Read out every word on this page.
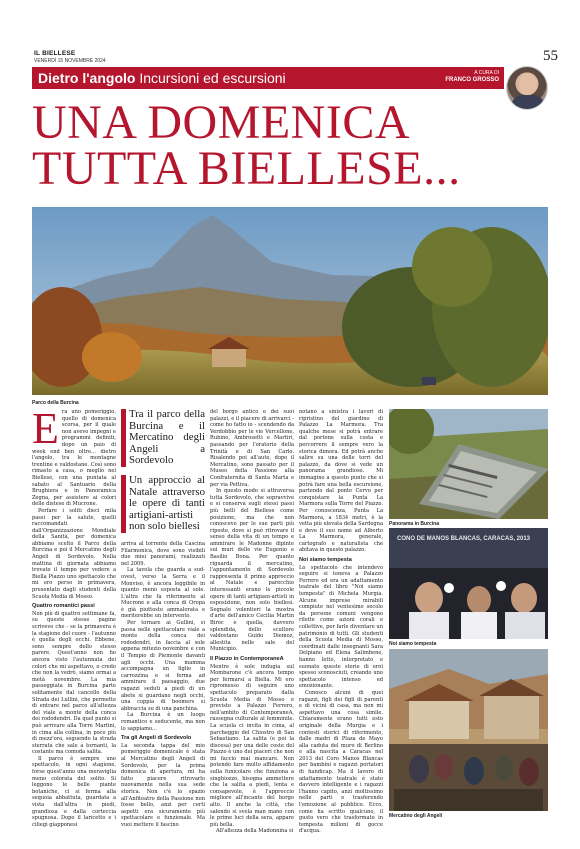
IL BIELLESE
VENERDÌ 15 NOVEMBRE 2024	55
Dietro l'angolo Incursioni ed escursioni	A CURA DI
FRANCO GROSSO
UNA DOMENICA
TUTTA BIELLESE...
Parco della Burcina
E ra uno pomeriggio, quello di domenica scorsa, per il quale non avevo impegni e programmi definiti, dopo un paio di week end ben oltre... dietro l'angolo, tra le montagne trentine e valdostane. Così sono rimasto a casa, o meglio nel Biellese, con una puntata al sabato al Santuario della Brughiera e in Panoramica Zegna, per assistere ai colori delle distese di Mucrone.

Perfare i soliti dieci mila passi per la salute, quelli raccomandati dall'Organizzazione Mondiale della Sanità, per domenica abbiamo scelto il Parco della Burcina e poi il Mercatino degli Angeli di Sordevolo. Nella mattina di giornata abbiamo trovato il tempo per vedere a Biella Piazzo uno spettacolo che mi ero perso in primavera, presentato dagli studenti della Scuola Media di Mosso.

Quattro romantici passi

Non più di quattro settimane fa, su queste stesse pagine scrivevo che - se la primavera è la stagione del cuore - l'autunno è quella degli occhi. Ebbene, sono sempre dello stesso parere. Quest'anno non ho ancora visto l'autunnata dei colori che mi aspettavo, o credo che non la vedrò, siamo ormai a metà novembre. La mia passeggiata in Burcina parte solitamente dal cancello della Strada dei Lullini, che permette di entrare nel parco all'altezza del viale a monte della conca dei rododendri. Da quel punto si può arrivare alla Torre Martini, in cima alla collina, in poco più di mezz'ora, seguendo la strada sterrata che sale a tornanti, la costante ma comoda salita.

Il parco è sempre uno spettacolo, in ogni stagione, forse quest'anno una meraviglia meno colorata del solito. Si leggono le belle piante botaniche, ci si ferma alla sequoia abbattuta, guardata a vista dall'altra in piedi, grandiosa e dalla corteccia spugnosa. Dopo il laricetto e i ciliegi giapponesi

Tra il parco della Burcina e il Mercatino degli Angeli a Sordevolo
Un approccio al Natale attraverso le opere di tanti artigiani-artisti non solo biellesi

arriva al torrente della Cascina Filarmonica, dove sono visibili due miei panorami, realizzati nel 2009.

La tavola che guarda a sud-ovest, verso la Serra e il Monviso, è ancora leggibile in quanto meno esposta al sole. L'altra che fa riferimento al Mucrone e alla conca di Oropa è già piuttosto ammalorata e meriterebbe un intervento.

Per tornare ai Gullini, si passa nelle spettacolare viale a monte della conca dei rododendri, in faccia al sole appena mitezio novembre e con il Tempio di Piemonte davanti agli occhi. Una mamma accompagna un figlio in carrozzina e si ferma ad ammirare il paesaggio, due ragazzi seduti a piedi di un abete si guardano negli occhi, una coppia di boomers si abbraccia su di una panchina.

La Burcina è un luogo romantico e seducente, ma non lo sappiamo...

Tra gli Angeli di Sordevolo

La seconda tappa del mio pomeriggio domenicale è stata al Mercatino degli Angeli di Sordevolo, per la prima domenica di apertura, mi ha fatto piacere ritrovarlo nuovamente nella sua sede storica. Non c'è lo spazio all'Anfiteatro della Passione non fosse bello, anzi per certi aspetti era sicuramente più spettacolare e funzionale. Ma vuoi mettere il fascino

del borgo antico e dei suoi palazzi, e il piacere di arrivarci - come ho fatto io - scendendo da Verdobbio per le vie Vercellone, Rubino, Ambrosetti e Martiri, passando per l'oratorio della Trinità e di San Carlo. Risalendo poi all'auto, dopo il Mercatino, sono passato per il Museo della Passione alla Confraternita di Santa Marta e per via Pettiva.

In questo modo si attraversa tutta Sordevolo, che sopravvive e si conserva sugli stessi passi più belli del Biellese come posizione, ma che non conoscevo per le sue parti più riposte, dove si può ritrovare il senso della vita di un tempo e ammirare le Madonne dipinte sui muri delle vie Eugenio e Basilio Bona. Per quanto riguarda il mercatino, l'appuntamento di Sordevolo rappresenta il primo approccio al Natale e parecchio interessanti erano le piccole opere di tanti artigiani-artisti in esposizione, non solo biellesi. Segnalo volentieri la mostra d'arte dell'amico Cecilia Martin Biroc e quella, davvero splendida, dello scultore valdostano Guido Diemoz, allestita nelle sale del Municipio.

Il Piazzo in ContemporaneA

Mentre è sole indugia sul Mombarone c'è ancora tempo per fermarsi a Biella. Mi ero ripromesso di seguire uno spettacolo preparato dalla Scuola Media di Mosso e previsto a Palazzo Ferrero, nell'ambito di ContemporaneA, rassegna culturale al femminile. La scuola ci invita in cima, al parcheggio del Chiostro di San Sebastiano. La salita (e poi la discesa) per una delle coste del Piazzo è uno dei piaceri che non mi faccio mai mancare. Non potendo fare molto affidamento sulla funicolare che funziona a singhiozzo, bisogna ammettere che la salita a piedi, lenta e consapevole, è l'approccio migliore all'incanto del borgo alto. Il anche la città, che salendo si svela man mano con le prime luci della sera, appare più bella.

All'altezza della Madonnina si

notano a sinistra i lavori di ripristino del giardino di Palazzo La Marmora. Tra qualche mese si potrà entrare dal portone sulla costa e percorrere il sempre vero la storica dimora. Ed potrà anche salire su una delle torri del palazzo, da dove si vede un panorama grandioso. Mi immagino a questo punto che si potrà fare una bella escursione, partendo dal ponte Cervo per conquistare la Punta La Marmora sulla Torre del Piazzo. Per conoscenza, Punta La Marmora, a 1834 metri, è la vetta più elevata della Sardegna e deve il suo nome ad Alberto La Marmora, generale, cartografo e naturalista che abitava in questo palazzo.

Noi siamo tempesta

Lo spettacolo che intendevo seguire si teneva a Palazzo Ferrero ed era un adattamento teatrale del libro "Noi siamo tempesta" di Michela Murgia. Alcune imprese mirabili compiute nel ventesimo secolo da persone comuni vengono rilette come azioni corali e collettive, per farle diventare un patrimonio di tutti. Gli studenti della Scuola Media di Mosso, coordinati dalle insegnanti Sara Delpiano ed Elena Salimbene, hanno letto, interpretato e suonato queste storie di eroi spesso sconosciuti, creando uno spettacolo intenso ed emozionante.

Conosco alcuni di quei ragazzi, figli dei figli di parenti e di vicini di casa, ma non mi aspettavo una cosa simile. Chiaramente erano tutti esto originale della Murgia e i contesti storici di riferimento, dalle madri di Plaza de Mayo alla caduta del muro di Berlino e alla nascita a Caracas nel 2013 del Coro Manos Blancas per bambini e ragazzi portatori di handicap. Ma il lavoro di adattamento teatrale è stato davvero intelligente e i ragazzi l'hanno capito, anzi moltissimo nelle parti e trasferendo l'emozione al pubblico. Ecco, come ha scritto qualcuno, il gusto vero che trasformato in tempesta milioni di gocce d'acqua.

Panorama in Burcina
CONO DE MANOS BLANCAS, CARACAS, 2013
Noi siamo tempesta
Mercatino degli Angeli
